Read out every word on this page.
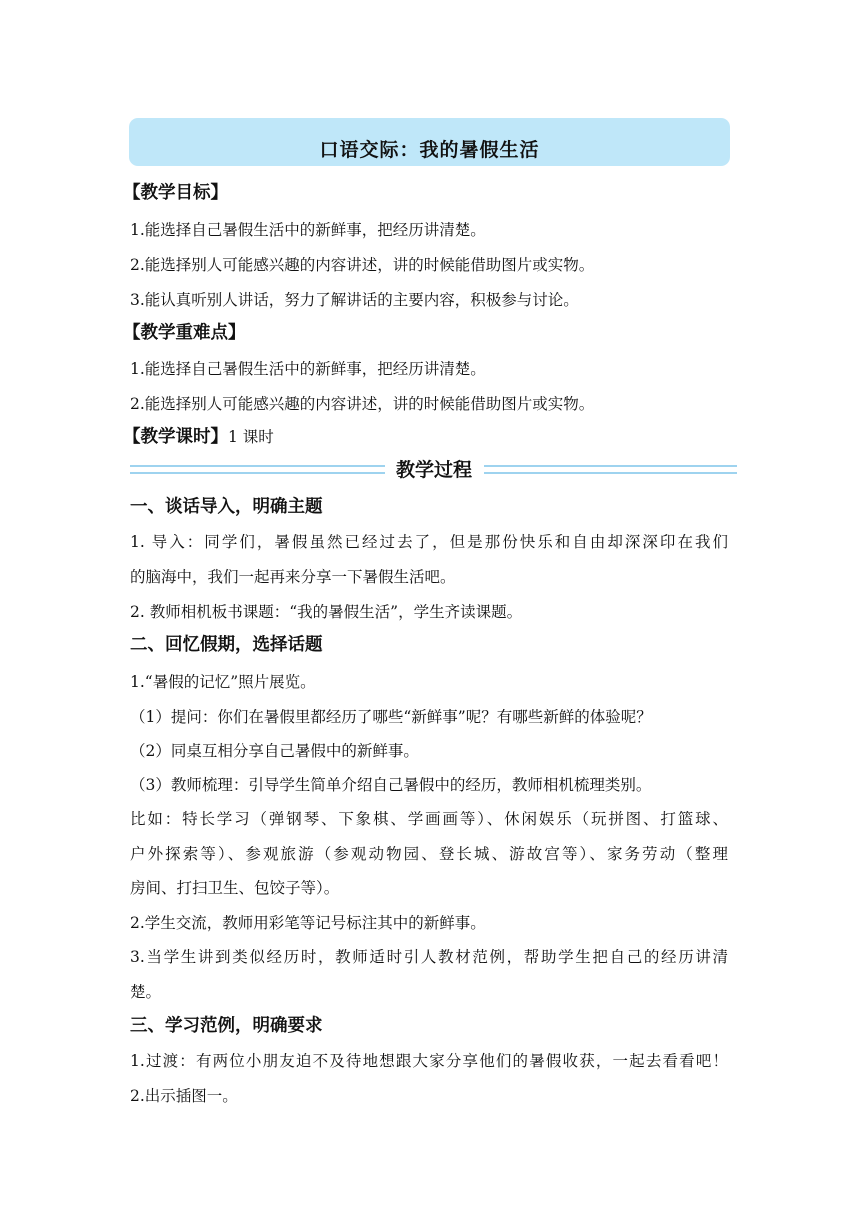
口语交际：我的暑假生活
【教学目标】
1.能选择自己暑假生活中的新鲜事，把经历讲清楚。
2.能选择别人可能感兴趣的内容讲述，讲的时候能借助图片或实物。
3.能认真听别人讲话，努力了解讲话的主要内容，积极参与讨论。
【教学重难点】
1.能选择自己暑假生活中的新鲜事，把经历讲清楚。
2.能选择别人可能感兴趣的内容讲述，讲的时候能借助图片或实物。
【教学课时】1 课时
教学过程
一、谈话导入，明确主题
1. 导入：同学们，暑假虽然已经过去了，但是那份快乐和自由却深深印在我们
的脑海中，我们一起再来分享一下暑假生活吧。
2. 教师相机板书课题：“我的暑假生活”，学生齐读课题。
二、回忆假期，选择话题
1.“暑假的记忆”照片展览。
（1）提问：你们在暑假里都经历了哪些“新鲜事”呢？有哪些新鲜的体验呢？
（2）同桌互相分享自己暑假中的新鲜事。
（3）教师梳理：引导学生简单介绍自己暑假中的经历，教师相机梳理类别。
比如：特长学习（弹钢琴、下象棋、学画画等）、休闲娱乐（玩拼图、打篮球、
户外探索等）、参观旅游（参观动物园、登长城、游故宫等）、家务劳动（整理
房间、打扫卫生、包饺子等）。
2.学生交流，教师用彩笔等记号标注其中的新鲜事。
3.当学生讲到类似经历时，教师适时引人教材范例，帮助学生把自己的经历讲清
楚。
三、学习范例，明确要求
1.过渡：有两位小朋友迫不及待地想跟大家分享他们的暑假收获，一起去看看吧！
2.出示插图一。
